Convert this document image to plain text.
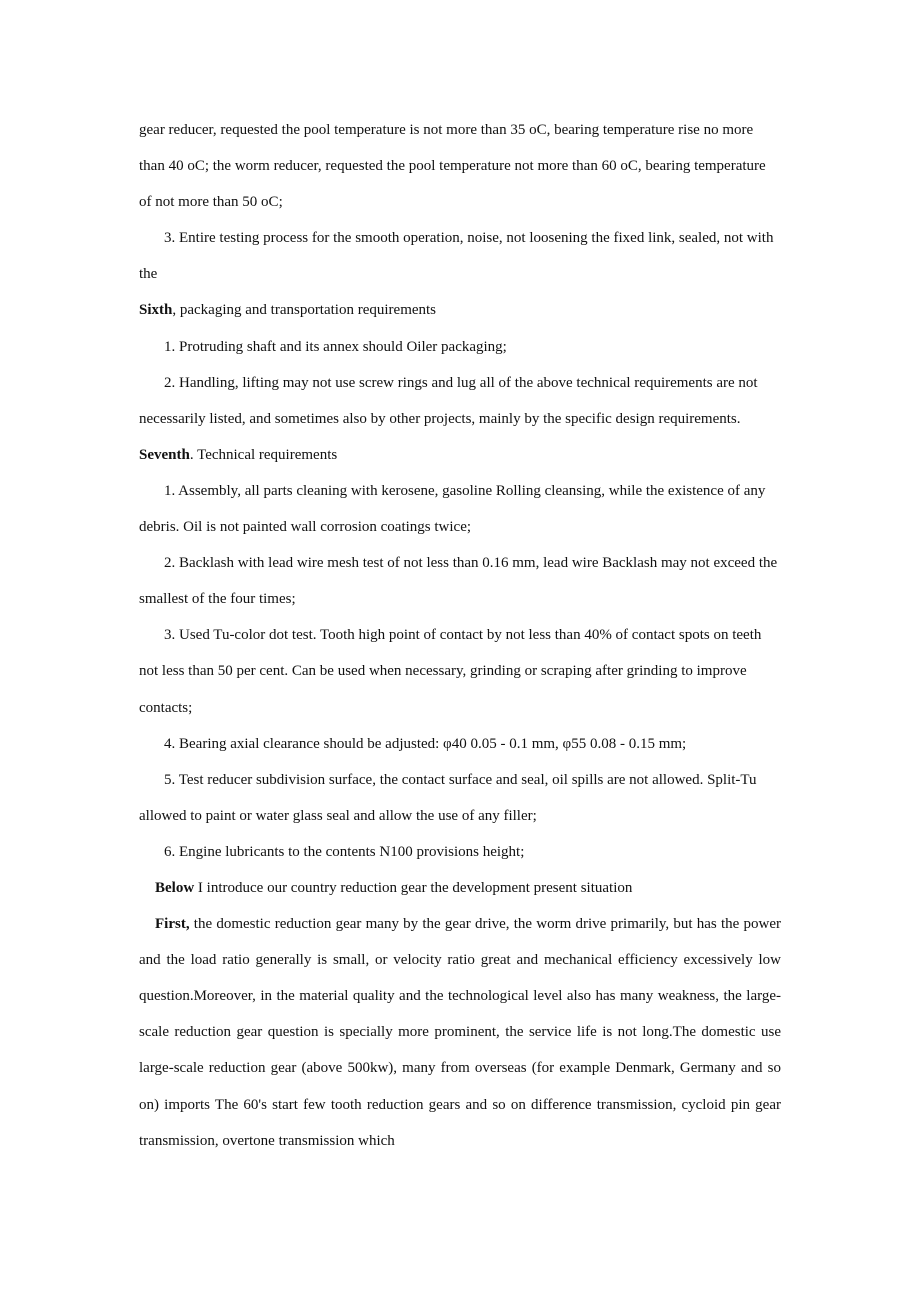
gear reducer, requested the pool temperature is not more than 35 oC, bearing temperature rise no more than 40 oC; the worm reducer, requested the pool temperature not more than 60 oC, bearing temperature of not more than 50 oC;

3. Entire testing process for the smooth operation, noise, not loosening the fixed link, sealed, not with the

Sixth, packaging and transportation requirements

1. Protruding shaft and its annex should Oiler packaging;

2. Handling, lifting may not use screw rings and lug all of the above technical requirements are not necessarily listed, and sometimes also by other projects, mainly by the specific design requirements.

Seventh. Technical requirements

1. Assembly, all parts cleaning with kerosene, gasoline Rolling cleansing, while the existence of any debris. Oil is not painted wall corrosion coatings twice;

2. Backlash with lead wire mesh test of not less than 0.16 mm, lead wire Backlash may not exceed the smallest of the four times;

3. Used Tu-color dot test. Tooth high point of contact by not less than 40% of contact spots on teeth not less than 50 per cent. Can be used when necessary, grinding or scraping after grinding to improve contacts;

4. Bearing axial clearance should be adjusted: φ40 0.05 - 0.1 mm, φ55 0.08 - 0.15 mm;

5. Test reducer subdivision surface, the contact surface and seal, oil spills are not allowed. Split-Tu allowed to paint or water glass seal and allow the use of any filler;

6. Engine lubricants to the contents N100 provisions height;

Below I introduce our country reduction gear the development present situation

First, the domestic reduction gear many by the gear drive, the worm drive primarily, but has the power and the load ratio generally is small, or velocity ratio great and mechanical efficiency excessively low question.Moreover, in the material quality and the technological level also has many weakness, the large-scale reduction gear question is specially more prominent, the service life is not long.The domestic use large-scale reduction gear (above 500kw), many from overseas (for example Denmark, Germany and so on) imports The 60's start few tooth reduction gears and so on difference transmission, cycloid pin gear transmission, overtone transmission which
